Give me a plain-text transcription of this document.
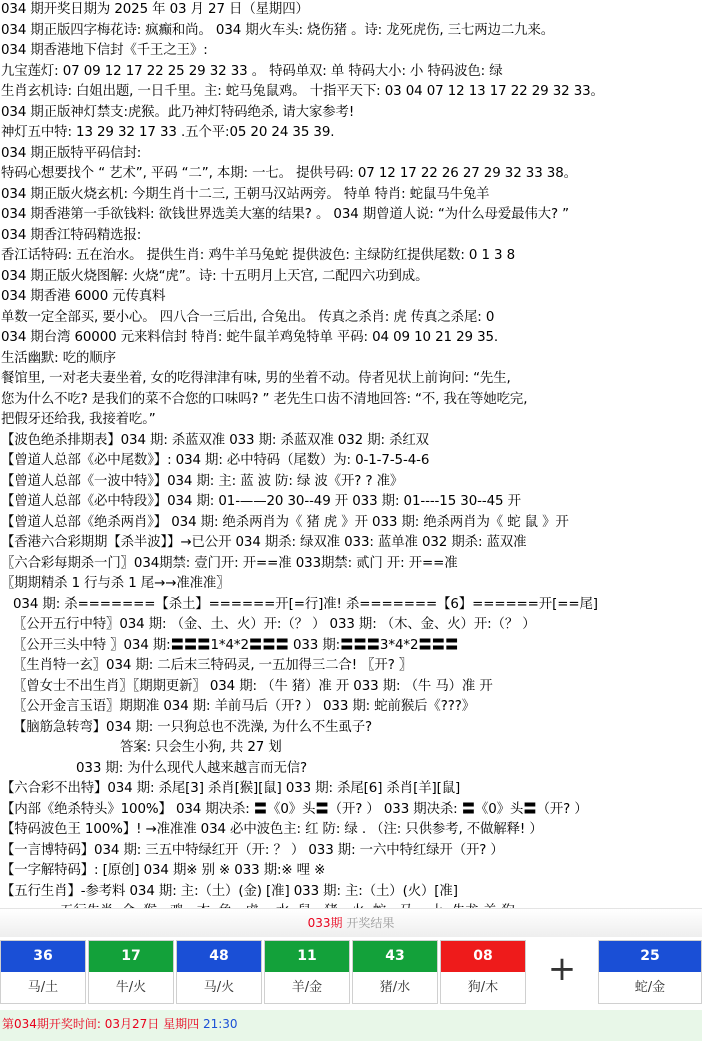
034 期开奖日期为 2025 年 03 月 27 日（星期四）
034 期正版四字梅花诗: 疯癫和尚。 034 期火车头: 烧伤猪 。诗: 龙死虎伤, 三七两边二九来。
034 期香港地下信封《千王之王》:
九宝莲灯: 07 09 12 17 22 25 29 32 33 。 特码单双: 单 特码大小: 小 特码波色: 绿
生肖玄机诗: 白姐出题, 一日千里。主: 蛇马兔鼠鸡。 十指平天下: 03 04 07 12 13 17 22 29 32 33。
034 期正版神灯禁支:虎猴。此乃神灯特码绝杀, 请大家参考!
神灯五中特: 13 29 32 17 33 .五个平:05 20 24 35 39.
034 期正版特平码信封:
特码心想要找个 “ 艺术”, 平码 “二”, 本期: 一七。 提供号码: 07 12 17 22 26 27 29 32 33 38。
034 期正版火烧玄机: 今期生肖十二三, 王朝马汉站两旁。 特单 特肖: 蛇鼠马牛兔羊
034 期香港第一手欲钱料: 欲钱世界选美大塞的结果? 。 034 期曾道人说: “为什么母爱最伟大? ”
034 期香江特码精选报:
香江话特码: 五在治水。 提供生肖: 鸡牛羊马兔蛇 提供波色: 主绿防红提供尾数: 0 1 3 8
034 期正版火烧图解: 火烧“虎”。诗: 十五明月上天宫, 二配四六功到成。
034 期香港 6000 元传真料
单数一定全部买, 要小心。 四八合一三后出, 合兔出。 传真之杀肖: 虎 传真之杀尾: 0
034 期台湾 60000 元来料信封 特肖: 蛇牛鼠羊鸡兔特单 平码: 04 09 10 21 29 35.
生活幽默: 吃的顺序
餐馆里, 一对老夫妻坐着, 女的吃得津津有味, 男的坐着不动。侍者见状上前询问: “先生,
您为什么不吃? 是我们的菜不合您的口味吗? ” 老先生口齿不清地回答: “不, 我在等她吃完,
把假牙还给我, 我接着吃。”
【波色绝杀排期表】034 期: 杀蓝双准 033 期: 杀蓝双准 032 期: 杀红双
【曾道人总部《必中尾数》】: 034 期: 必中特码（尾数）为: 0-1-7-5-4-6
【曾道人总部《一波中特》】034 期: 主: 蓝 波 防: 绿 波《开? ? 准》
【曾道人总部《必中特段》】034 期: 01-——20 30--49 开 033 期: 01----15 30--45 开
【曾道人总部《绝杀两肖》】 034 期: 绝杀两肖为《 猪 虎 》开 033 期: 绝杀两肖为《 蛇 鼠 》开
【香港六合彩期期【杀半波】】→已公开 034 期杀: 绿双准 033: 蓝单准 032 期杀: 蓝双准
〖六合彩每期杀一门〗034期禁: 壹门开: 开==准 033期禁: 贰门 开: 开==准
〖期期精杀 1 行与杀 1 尾→→准准准〗
034 期: 杀=======【杀土】======开[=行]准! 杀=======【6】======开[==尾]
〖公开五行中特〗034 期: （金、土、火）开:（？ ） 033 期: （木、金、火）开:（？ ）
〖公开三头中特 〗034 期:〓〓〓1*4*2〓〓〓 033 期:〓〓〓3*4*2〓〓〓
〖生肖特一玄〗034 期: 二后末三特码灵, 一五加得三二合! 〖开? 〗
〖曾女士不出生肖〗〖期期更新〗 034 期: （牛 猪）准 开 033 期: （牛 马）准 开
〖公开金言玉语〗期期准 034 期: 羊前马后（开? ） 033 期: 蛇前猴后《???》
【脑筋急转弯】034 期: 一只狗总也不洗澡, 为什么不生虱子?
答案: 只会生小狗, 共 27 划
033 期: 为什么现代人越来越言而无信?
【六合彩不出特】034 期: 杀尾[3] 杀肖[猴][鼠] 033 期: 杀尾[6] 杀肖[羊][鼠]
【内部《绝杀特头》100%】 034 期决杀: 〓《0》头〓（开? ） 033 期决杀: 〓《0》头〓（开? ）
【特码波色王 100%】! →准准准 034 必中波色主: 红 防: 绿 . （注: 只供参考, 不做解释! ）
【一言博特码】034 期: 三五中特绿红开（开: ？ ） 033 期: 一六中特红绿开（开? ）
【一字解特码】: [原创] 034 期※ 别 ※ 033 期:※ 哩 ※
【五行生肖】-参考料 034 期: 主:（土）(金) [准] 033 期: 主:（土）(火）[准]
033期 开奖结果
36
马/土
17
牛/火
48
马/火
11
羊/金
43
猪/水
08
狗/木	+	25
蛇/金
第034期开奖时间: 03月27日 星期四 21:30
